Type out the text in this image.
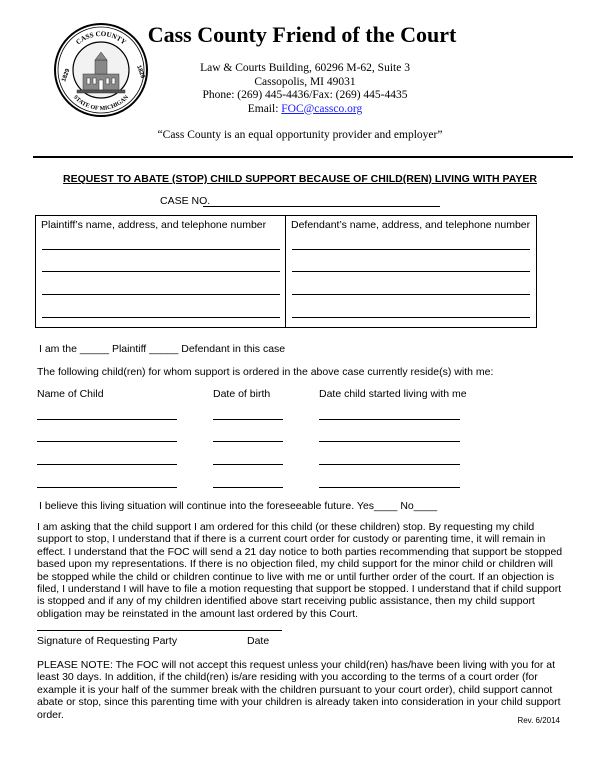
CASS COUNTY
STATE OF MICHIGAN
1829	1829
Cass County Friend of the Court
Law & Courts Building, 60296 M-62, Suite 3
Cassopolis, MI 49031
Phone: (269) 445-4436/Fax: (269) 445-4435
Email: FOC@cassco.org
“Cass County is an equal opportunity provider and employer”
REQUEST TO ABATE (STOP) CHILD SUPPORT BECAUSE OF CHILD(REN) LIVING WITH PAYER
CASE NO.
Plaintiff’s name, address, and telephone number Defendant’s name, address, and telephone number
I am the _____ Plaintiff _____ Defendant in this case
The following child(ren) for whom support is ordered in the above case currently reside(s) with me:
Name of Child	Date of birth	Date child started living with me
I believe this living situation will continue into the foreseeable future. Yes____ No____
I am asking that the child support I am ordered for this child (or these children) stop. By requesting my child support to stop, I understand that if there is a current court order for custody or parenting time, it will remain in effect. I understand that the FOC will send a 21 day notice to both parties recommending that support be stopped based upon my representations. If there is no objection filed, my child support for the minor child or children will be stopped while the child or children continue to live with me or until further order of the court. If an objection is filed, I understand I will have to file a motion requesting that support be stopped. I understand that if child support is stopped and if any of my children identified above start receiving public assistance, then my child support obligation may be reinstated in the amount last ordered by this Court.
Signature of Requesting Party	Date
PLEASE NOTE: The FOC will not accept this request unless your child(ren) has/have been living with you for at least 30 days. In addition, if the child(ren) is/are residing with you according to the terms of a court order (for example it is your half of the summer break with the children pursuant to your court order), child support cannot abate or stop, since this parenting time with your children is already taken into consideration in your child support order.	Rev. 6/2014
